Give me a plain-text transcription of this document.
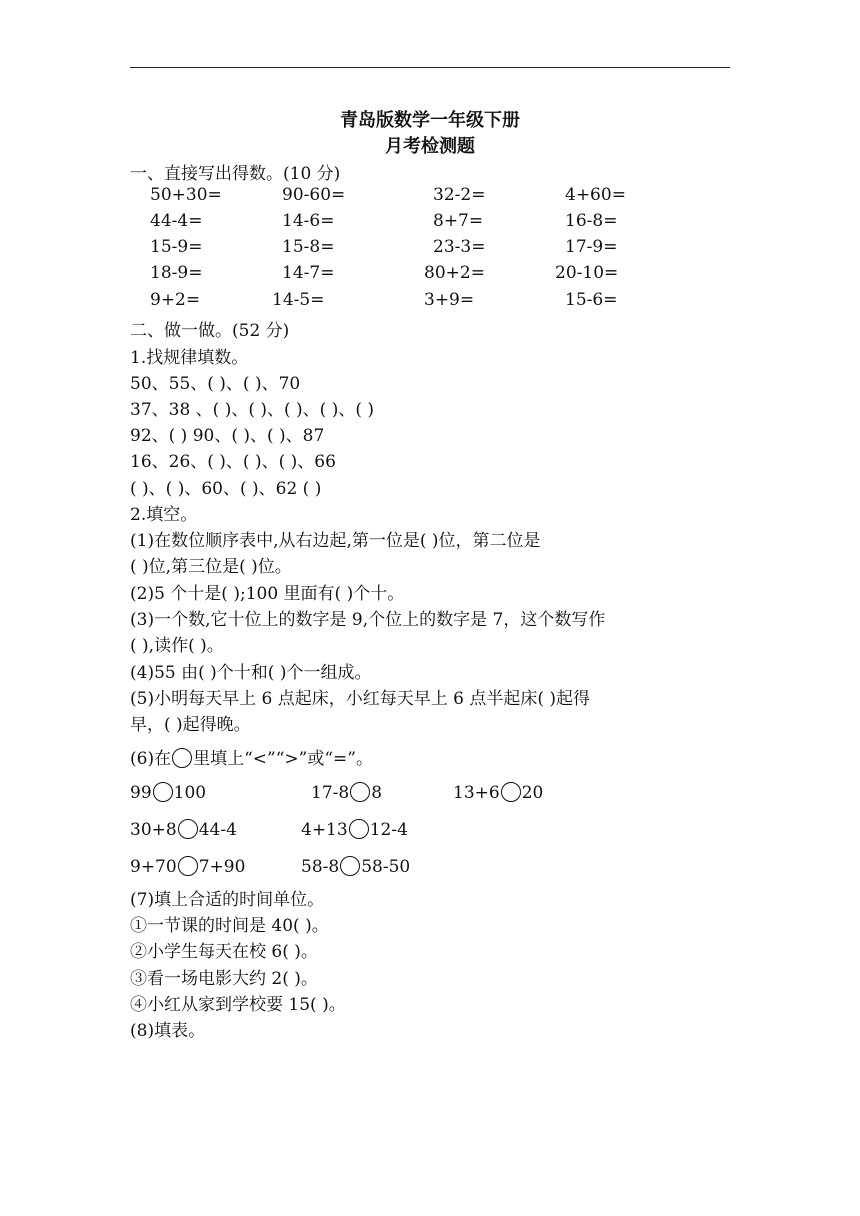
青岛版数学一年级下册
月考检测题
一、直接写出得数。(10 分)
50+30=	90-60=	32-2=	4+60=
44-4=	14-6=	8+7=	16-8=
15-9=	15-8=	23-3=	17-9=
18-9=	14-7=	80+2=	20-10=
9+2=	14-5=	3+9=	15-6=
二、做一做。(52 分)
1.找规律填数。
50、55、( )、( )、70
37、38 、( )、( )、( )、( )、( )
92、( ) 90、( )、( )、87
16、26、( )、( )、( )、66
( )、( )、60、( )、62 ( )
2.填空。
(1)在数位顺序表中,从右边起,第一位是( )位，第二位是
( )位,第三位是( )位。
(2)5 个十是( );100 里面有( )个十。
(3)一个数,它十位上的数字是 9,个位上的数字是 7，这个数写作
( ),读作( )。
(4)55 由( )个十和( )个一组成。
(5)小明每天早上 6 点起床，小红每天早上 6 点半起床( )起得
早，( )起得晚。
(6)在 里填上“<”“>”或“=”。
99 100	17-8 8	13+6 20
30+8 44-4	4+13 12-4
9+70 7+90	58-8 58-50
(7)填上合适的时间单位。
①一节课的时间是 40( )。
②小学生每天在校 6( )。
③看一场电影大约 2( )。
④小红从家到学校要 15( )。
(8)填表。
